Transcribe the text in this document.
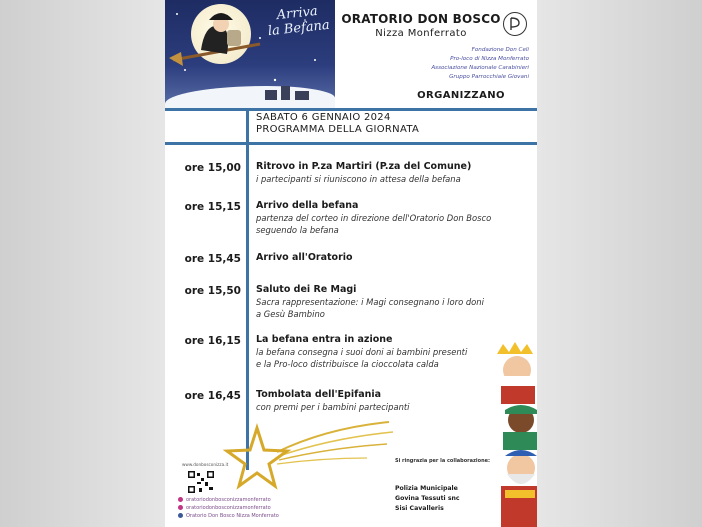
Arriva
la Befana ORATORIO DON BOSCO
Nizza Monferrato
Fondazione Don Celi
Pro-loco di Nizza Monferrato
Associazione Nazionale Carabinieri
Gruppo Parrocchiale Giovani
ORGANIZZANO
SABATO 6 GENNAIO 2024
PROGRAMMA DELLA GIORNATA
ore 15,00 Ritrovo in P.za Martiri (P.za del Comune)
i partecipanti si riuniscono in attesa della befana
ore 15,15 Arrivo della befana
partenza del corteo in direzione dell'Oratorio Don Bosco
seguendo la befana
ore 15,45 Arrivo all'Oratorio
ore 15,50 Saluto dei Re Magi
Sacra rappresentazione: i Magi consegnano i loro doni
a Gesù Bambino
ore 16,15 La befana entra in azione
la befana consegna i suoi doni ai bambini presenti
e la Pro-loco distribuisce la cioccolata calda
ore 16,45 Tombolata dell'Epifania
con premi per i bambini partecipanti
www.donbosconizza.it
oratoriodonbosconizzamonferrato
oratoriodonbosconizzamonferrato
Oratorio Don Bosco Nizza Monferrato
Si ringrazia per la collaborazione:
Polizia Municipale
Govina Tessuti snc
Sisi Cavalleris
